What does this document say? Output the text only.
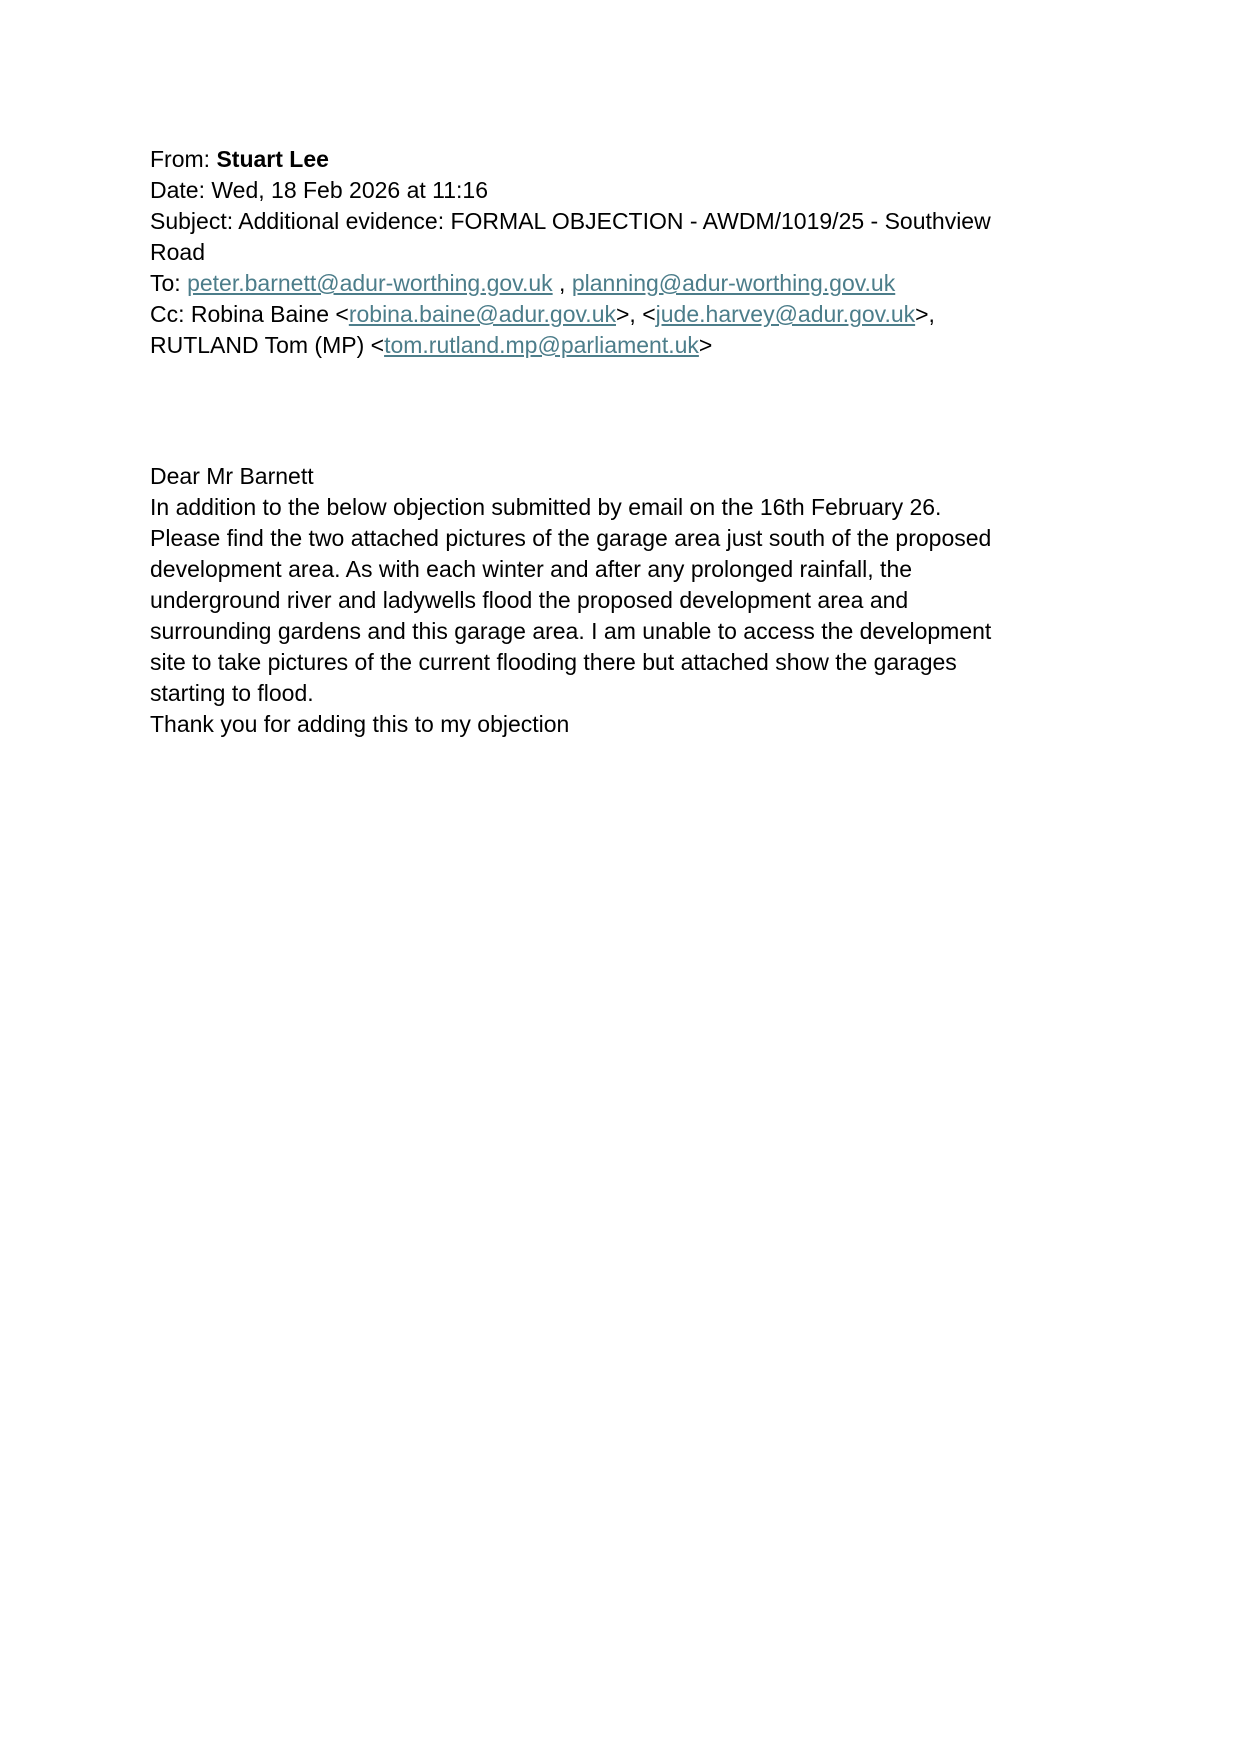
From: Stuart Lee

Date: Wed, 18 Feb 2026 at 11:16

Subject: Additional evidence: FORMAL OBJECTION - AWDM/1019/25 - Southview Road

To: peter.barnett@adur-worthing.gov.uk , planning@adur-worthing.gov.uk

Cc: Robina Baine <robina.baine@adur.gov.uk>, <jude.harvey@adur.gov.uk>, RUTLAND Tom (MP) <tom.rutland.mp@parliament.uk>

Dear Mr Barnett

In addition to the below objection submitted by email on the 16th February 26.

Please find the two attached pictures of the garage area just south of the proposed development area. As with each winter and after any prolonged rainfall, the underground river and ladywells flood the proposed development area and surrounding gardens and this garage area. I am unable to access the development site to take pictures of the current flooding there but attached show the garages starting to flood.

Thank you for adding this to my objection
